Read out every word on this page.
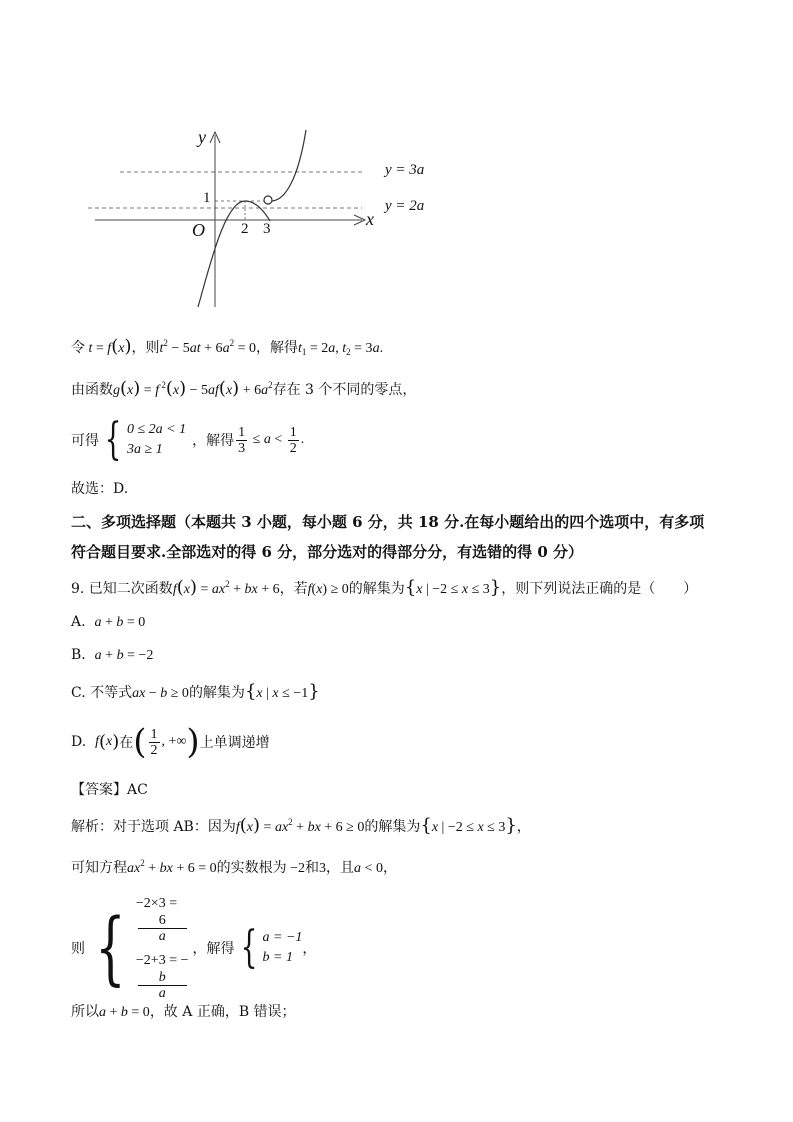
y
x
O
1
2 3
y = 3a
y = 2a
令 t = f(x)，则$t^2 - 5at + 6a^2 = 0$，解得$t_1 = 2a$, $t_2 = 3a$.
由函数g(x) = f $^2(x) - 5af(x) + 6a^2$存在 3 个不同的零点，
可得 { 0 ≤ 2a < 1
3a ≥ 1
，解得 $\frac{1}{3} \le a < \frac{1}{2}$ .
故选：D.
二、多项选择题（本题共 3 小题，每小题 6 分，共 18 分.在每小题给出的四个选项中，有多项
符合题目要求.全部选对的得 6 分，部分选对的得部分分，有选错的得 0 分）
9. 已知二次函数$f(x) = ax^2$ + bx + 6，若f(x) ≥ 0的解集为{x | −2 ≤ x ≤ 3}，则下列说法正确的是（　　）
A. a + b = 0
B. a + b = −2
C. 不等式ax − b ≥ 0的解集为{x | x ≤ −1}
D. f(x)在( $\frac{1}{2}$ , +∞)上单调递增
【答案】AC
解析：对于选项 AB：因为$f(x) = ax^2$ + bx + 6 ≥ 0的解集为{x | −2 ≤ x ≤ 3}，
可知方程$ax^2$ + bx + 6 = 0的实数根为 −2和3，且a < 0，
则 { −2×3 =
6
a
−2+3 = −
b
a
，解得 { a = −1
b = 1
，
所以a + b = 0，故 A 正确，B 错误；
